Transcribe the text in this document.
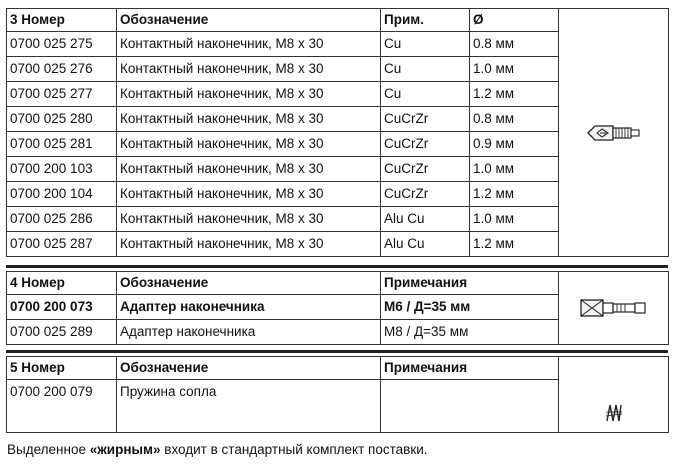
3 Номер	Обозначение	Прим.	Ø	

0700 025 275	Контактный наконечник, M8 x 30	Cu	0.8 мм	
0700 025 276	Контактный наконечник, M8 x 30	Cu	1.0 мм	
0700 025 277	Контактный наконечник, M8 x 30	Cu	1.2 мм	
0700 025 280	Контактный наконечник, M8 x 30	CuCrZr	0.8 мм	
0700 025 281	Контактный наконечник, M8 x 30	CuCrZr	0.9 мм	
0700 200 103	Контактный наконечник, M8 x 30	CuCrZr	1.0 мм	
0700 200 104	Контактный наконечник, M8 x 30	CuCrZr	1.2 мм	
0700 025 286	Контактный наконечник, M8 x 30	Alu Cu	1.0 мм	
0700 025 287	Контактный наконечник, M8 x 30	Alu Cu	1.2 мм	
4 Номер	Обозначение	Примечания	

0700 200 073	Адаптер наконечника	M6 / Д=35 мм	
0700 025 289	Адаптер наконечника	M8 / Д=35 мм	
5 Номер	Обозначение	Примечания	

0700 200 079	Пружина сопла		
Выделенное «жирным» входит в стандартный комплект поставки.
